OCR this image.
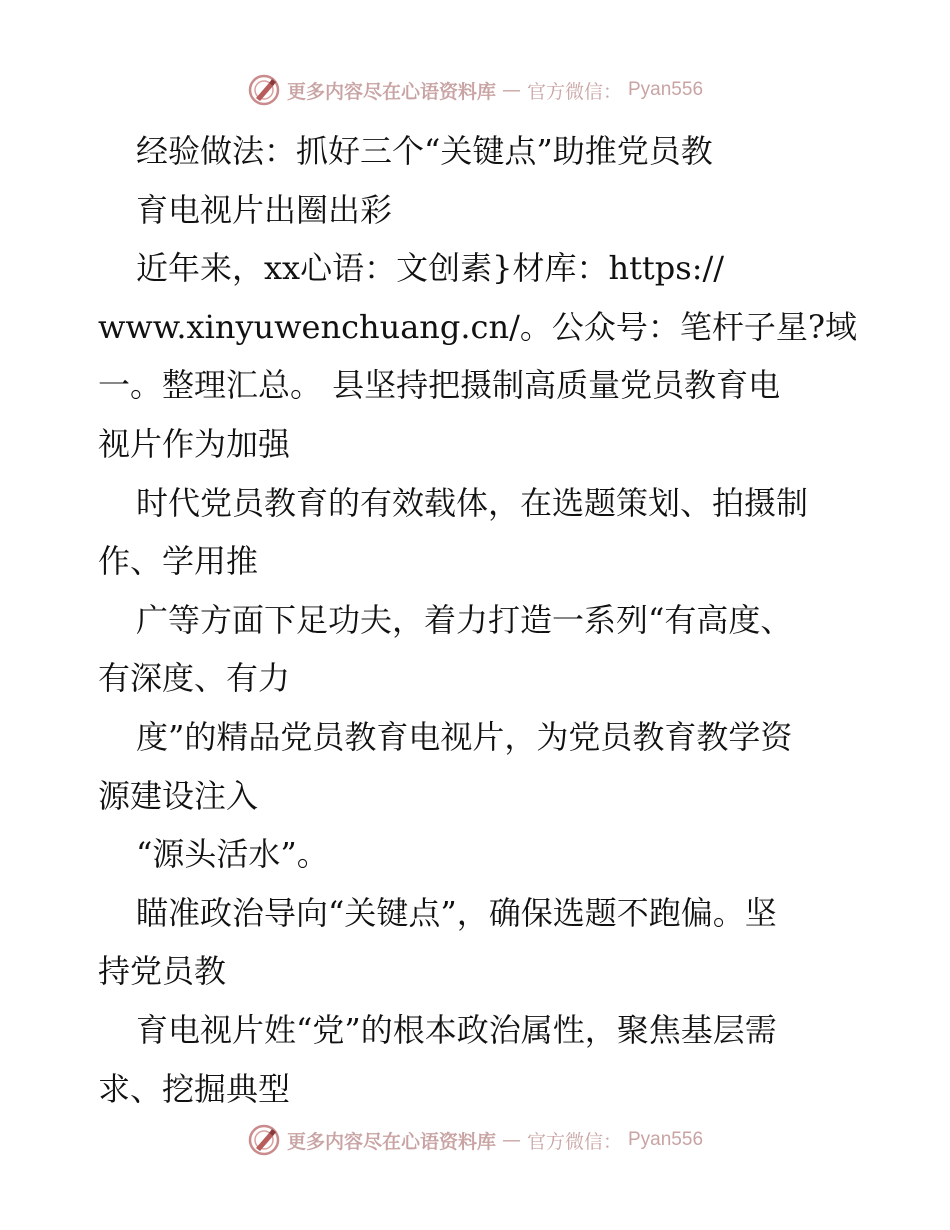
更多内容尽在心语资料库 — 官方微信： Pyan556
经验做法：抓好三个“关键点”助推党员教
育电视片出圈出彩
近年来，xx心语：文创素}材库：https://
www.xinyuwenchuang.cn/。公众号：笔杆子星?域
一。整理汇总。 县坚持把摄制高质量党员教育电
视片作为加强
时代党员教育的有效载体，在选题策划、拍摄制
作、学用推
广等方面下足功夫，着力打造一系列“有高度、
有深度、有力
度”的精品党员教育电视片，为党员教育教学资
源建设注入
“源头活水”。
瞄准政治导向“关键点”，确保选题不跑偏。坚
持党员教
育电视片姓“党”的根本政治属性，聚焦基层需
求、挖掘典型
更多内容尽在心语资料库 — 官方微信： Pyan556
